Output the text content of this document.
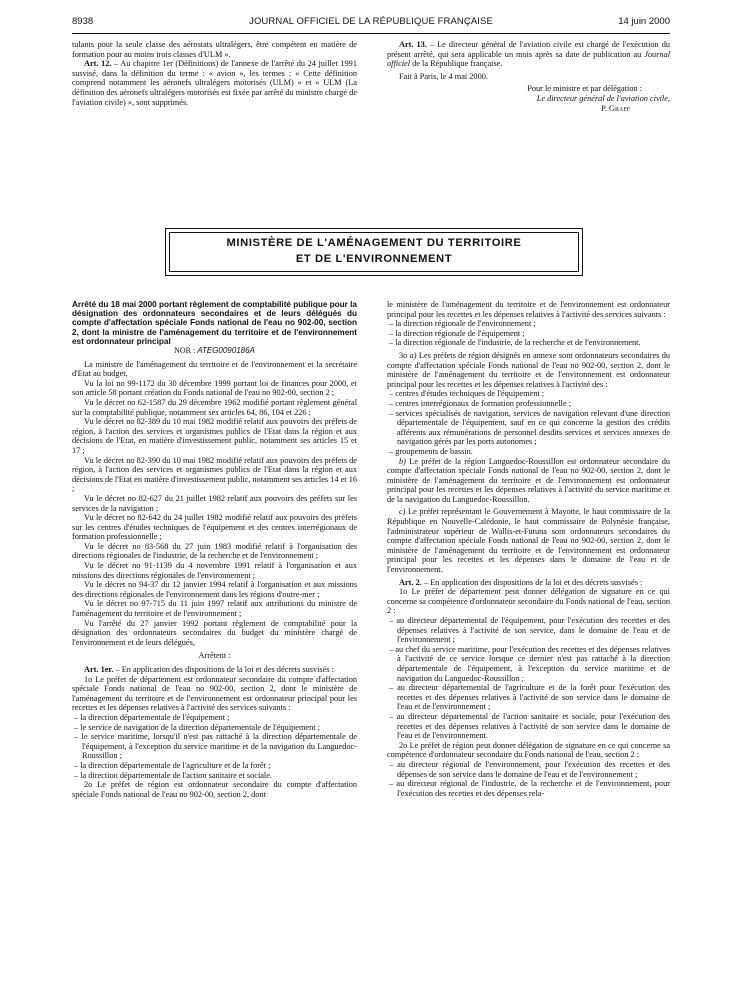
8938	JOURNAL OFFICIEL DE LA RÉPUBLIQUE FRANÇAISE	14 juin 2000

tulants pour la seule classe des aérostats ultralégers, être compétent en matière de formation pour au moins trois classes d'ULM ».

Art. 12. – Au chapitre 1er (Définitions) de l'annexe de l'arrêté du 24 juillet 1991 susvisé, dans la définition du terme : « avion », les termes : « Cette définition comprend notamment les aéronefs ultralégers motorisés (ULM) » et « ULM (La définition des aéronefs ultralégers motorisés est fixée par arrêté du ministre chargé de l'aviation civile) », sont supprimés.

Art. 13. – Le directeur général de l'aviation civile est chargé de l'exécution du présent arrêté, qui sera applicable un mois après sa date de publication au Journal officiel de la République française.

Fait à Paris, le 4 mai 2000.

Pour le ministre et par délégation :

Le directeur général de l'aviation civile,

P. Graff

MINISTÈRE DE L'AMÉNAGEMENT DU TERRITOIRE
ET DE L'ENVIRONNEMENT

Arrêté du 18 mai 2000 portant règlement de comptabilité publique pour la désignation des ordonnateurs secondaires et de leurs délégués du compte d'affectation spéciale Fonds national de l'eau no 902-00, section 2, dont la ministre de l'aménagement du territoire et de l'environnement est ordonnateur principal

NOR : ATEG0090186A

La ministre de l'aménagement du territoire et de l'environnement et la secrétaire d'Etat au budget,

Vu la loi no 99-1172 du 30 décembre 1999 portant loi de finances pour 2000, et son article 58 portant création du Fonds national de l'eau no 902-00, section 2 ;

Vu le décret no 62-1587 du 29 décembre 1962 modifié portant règlement général sur la comptabilité publique, notamment ses articles 64, 86, 104 et 226 ;

Vu le décret no 82-389 du 10 mai 1982 modifié relatif aux pouvoirs des préfets de région, à l'action des services et organismes publics de l'Etat dans la région et aux décisions de l'Etat, en matière d'investissement public, notamment ses articles 15 et 17 ;

Vu le décret no 82-390 du 10 mai 1982 modifié relatif aux pouvoirs des préfets de région, à l'action des services et organismes publics de l'Etat dans la région et aux décisions de l'Etat en matière d'investissement public, notamment ses articles 14 et 16 ;

Vu le décret no 82-627 du 21 juillet 1982 relatif aux pouvoirs des préfets sur les services de la navigation ;

Vu le décret no 82-642 du 24 juillet 1982 modifié relatif aux pouvoirs des préfets sur les centres d'études techniques de l'équipement et des centres interrégionaux de formation professionnelle ;

Vu le décret no 83-568 du 27 juin 1983 modifié relatif à l'organisation des directions régionales de l'industrie, de la recherche et de l'environnement ;

Vu le décret no 91-1139 du 4 novembre 1991 relatif à l'organisation et aux missions des directions régionales de l'environnement ;

Vu le décret no 94-37 du 12 janvier 1994 relatif à l'organisation et aux missions des directions régionales de l'environnement dans les régions d'outre-mer ;

Vu le décret no 97-715 du 11 juin 1997 relatif aux attributions du ministre de l'aménagement du territoire et de l'environnement ;

Vu l'arrêté du 27 janvier 1992 portant règlement de comptabilité pour la désignation des ordonnateurs secondaires du budget du ministère chargé de l'environnement et de leurs délégués,

Arrêtent :

Art. 1er. – En application des dispositions de la loi et des décrets susvisés :

1o Le préfet de département est ordonnateur secondaire du compte d'affectation spéciale Fonds national de l'eau no 902-00, section 2, dont le ministère de l'aménagement du territoire et de l'environnement est ordonnateur principal pour les recettes et les dépenses relatives à l'activité des services suivants :

– la direction départementale de l'équipement ;

– le service de navigation de la direction départementale de l'équipement ;

– le service maritime, lorsqu'il n'est pas rattaché à la direction départementale de l'équipement, à l'exception du service maritime et de la navigation du Languedoc-Roussillon ;

– la direction départementale de l'agriculture et de la forêt ;

– la direction départementale de l'action sanitaire et sociale.

2o Le préfet de région est ordonnateur secondaire du compte d'affectation spéciale Fonds national de l'eau no 902-00, section 2, dont

le ministère de l'aménagement du territoire et de l'environnement est ordonnateur principal pour les recettes et les dépenses relatives à l'activité des services suivants :

– la direction régionale de l'environnement ;

– la direction régionale de l'équipement ;

– la direction régionale de l'industrie, de la recherche et de l'environnement.

3o a) Les préfets de région désignés en annexe sont ordonnateurs secondaires du compte d'affectation spéciale Fonds national de l'eau no 902-00, section 2, dont le ministère de l'aménagement du territoire et de l'environnement est ordonnateur principal pour les recettes et les dépenses relatives à l'activité des :

– centres d'études techniques de l'équipement ;

– centres interrégionaux de formation professionnelle ;

– services spécialisés de navigation, services de navigation relevant d'une direction départementale de l'équipement, sauf en ce qui concerne la gestion des crédits afférents aux rémunérations de personnel desdits services et services annexes de navigation gérés par les ports autonomes ;

– groupements de bassin.

b) Le préfet de la région Languedoc-Roussillon est ordonnateur secondaire du compte d'affectation spéciale Fonds national de l'eau no 902-00, section 2, dont le ministère de l'aménagement du territoire et de l'environnement est ordonnateur principal pour les recettes et les dépenses relatives à l'activité du service maritime et de la navigation du Languedoc-Roussillon.

c) Le préfet représentant le Gouvernement à Mayotte, le haut commissaire de la République en Nouvelle-Calédonie, le haut commissaire de Polynésie française, l'administrateur supérieur de Wallis-et-Futuna sont ordonnateurs secondaires du compte d'affectation spéciale Fonds national de l'eau no 902-00, section 2, dont le ministère de l'aménagement du territoire et de l'environnement est ordonnateur principal pour les recettes et les dépenses dans le domaine de l'eau et de l'environnement.

Art. 2. – En application des dispositions de la loi et des décrets susvisés :

1o Le préfet de département peut donner délégation de signature en ce qui concerne sa compétence d'ordonnateur secondaire du Fonds national de l'eau, section 2 :

– au directeur départemental de l'équipement, pour l'exécution des recettes et des dépenses relatives à l'activité de son service, dans le domaine de l'eau et de l'environnement ;

– au chef du service maritime, pour l'exécution des recettes et des dépenses relatives à l'activité de ce service lorsque ce dernier n'est pas rattaché à la direction départementale de l'équipement, à l'exception du service maritime et de navigation du Languedoc-Roussillon ;

– au directeur départemental de l'agriculture et de la forêt pour l'exécution des recettes et des dépenses relatives à l'activité de son service dans le domaine de l'eau et de l'environnement ;

– au directeur départemental de l'action sanitaire et sociale, pour l'exécution des recettes et des dépenses relatives à l'activité de son service dans le domaine de l'eau et de l'environnement.

2o Le préfet de région peut donner délégation de signature en ce qui concerne sa compétence d'ordonnateur secondaire du Fonds national de l'eau, section 2 :

– au directeur régional de l'environnement, pour l'exécution des recettes et des dépenses de son service dans le domaine de l'eau et de l'environnement ;

– au directeur régional de l'industrie, de la recherche et de l'environnement, pour l'exécution des recettes et des dépenses rela-
